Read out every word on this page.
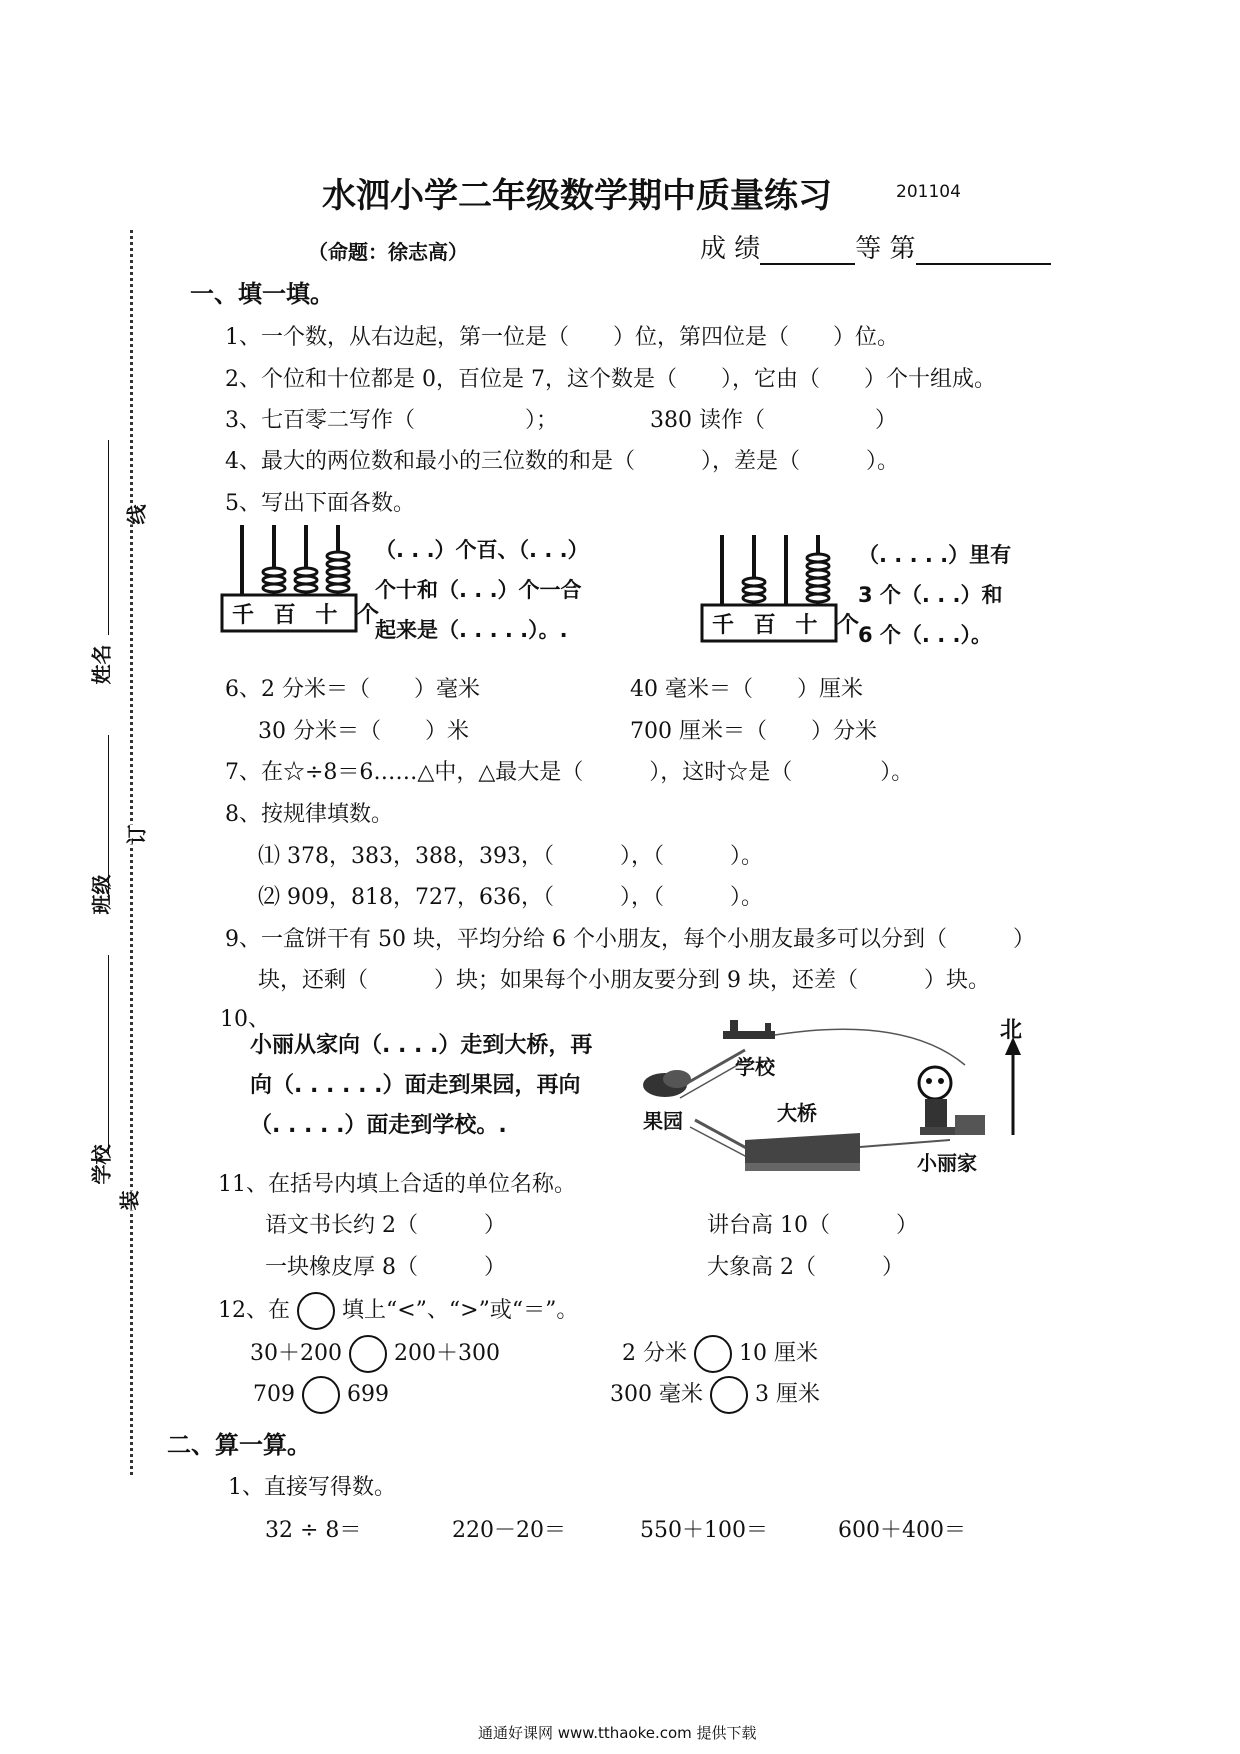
水泗小学二年级数学期中质量练习	201104
（命题：徐志高）	成 绩	等 第
线
订
装
姓名
班级
学校
一、填一填。
1、一个数，从右边起，第一位是（　　）位，第四位是（　　）位。
2、个位和十位都是 0，百位是 7，这个数是（　　），它由（　　）个十组成。
3、七百零二写作（　　　　　）；	380 读作（　　　　　）
4、最大的两位数和最小的三位数的和是（　　　），差是（　　　）。
5、写出下面各数。
千 百 十 个
（. . .）个百、（. . .）
个十和（. . .）个一合
起来是（. . . . .）。.	千 百 十 个
（. . . . .）里有
3 个（. . .）和
6 个（. . .）。
6、2 分米＝（　　）毫米	40 毫米＝（　　）厘米
30 分米＝（　　）米	700 厘米＝（　　）分米
7、在☆÷8＝6……△中，△最大是（　　　），这时☆是（　　　　）。
8、按规律填数。
⑴ 378，383，388，393，（　　　），（　　　）。
⑵ 909，818，727，636，（　　　），（　　　）。
9、一盒饼干有 50 块，平均分给 6 个小朋友，每个小朋友最多可以分到（　　　）
块，还剩（　　　）块；如果每个小朋友要分到 9 块，还差（　　　）块。
10、
小丽从家向（. . . .）走到大桥，再
向（. . . . . .）面走到果园，再向
（. . . . .）面走到学校。.
学校
果园	大桥
小丽家
北
11、在括号内填上合适的单位名称。
语文书长约 2（　　　）	讲台高 10（　　　）
一块橡皮厚 8（　　　）	大象高 2（　　　）
12、在 填上“<”、“>”或“＝”。
30＋200 200＋300	2 分米 10 厘米
709 699	300 毫米 3 厘米
二、算一算。
1、直接写得数。
32 ÷ 8＝	220－20＝	550＋100＝	600＋400＝
通通好课网 www.tthaoke.com 提供下载
